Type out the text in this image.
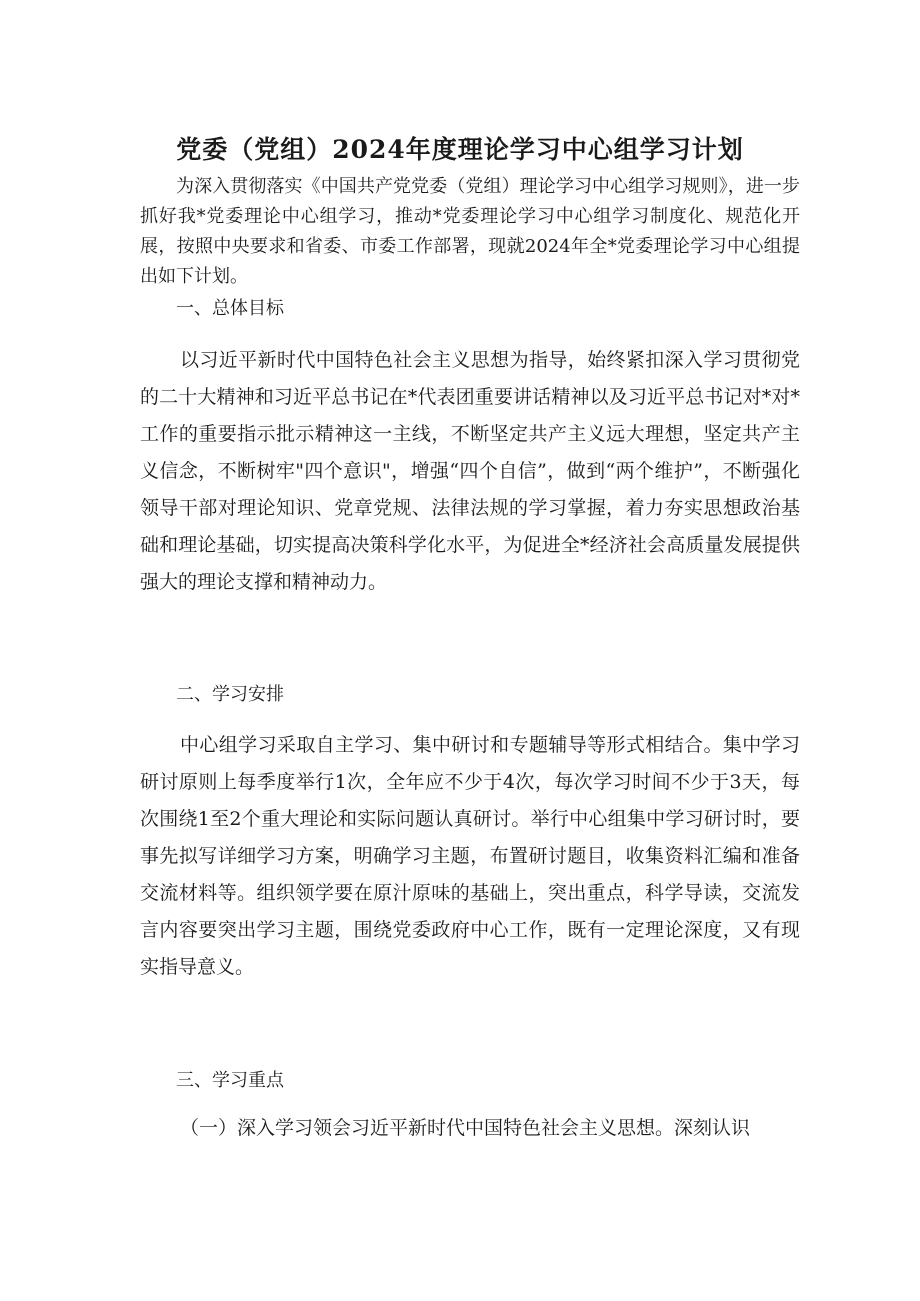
党委（党组）2024年度理论学习中心组学习计划

为深入贯彻落实《中国共产党党委（党组）理论学习中心组学习规则》，进一步抓好我*党委理论中心组学习，推动*党委理论学习中心组学习制度化、规范化开展，按照中央要求和省委、市委工作部署，现就2024年全*党委理论学习中心组提出如下计划。

一、总体目标

以习近平新时代中国特色社会主义思想为指导，始终紧扣深入学习贯彻党的二十大精神和习近平总书记在*代表团重要讲话精神以及习近平总书记对*对*工作的重要指示批示精神这一主线，不断坚定共产主义远大理想，坚定共产主义信念，不断树牢"四个意识"，增强“四个自信”，做到“两个维护”，不断强化领导干部对理论知识、党章党规、法律法规的学习掌握，着力夯实思想政治基础和理论基础，切实提高决策科学化水平，为促进全*经济社会高质量发展提供强大的理论支撑和精神动力。

二、学习安排

中心组学习采取自主学习、集中研讨和专题辅导等形式相结合。集中学习研讨原则上每季度举行1次，全年应不少于4次，每次学习时间不少于3天，每次围绕1至2个重大理论和实际问题认真研讨。举行中心组集中学习研讨时，要事先拟写详细学习方案，明确学习主题，布置研讨题目，收集资料汇编和准备交流材料等。组织领学要在原汁原味的基础上，突出重点，科学导读，交流发言内容要突出学习主题，围绕党委政府中心工作，既有一定理论深度，又有现实指导意义。

三、学习重点

（一）深入学习领会习近平新时代中国特色社会主义思想。深刻认识
